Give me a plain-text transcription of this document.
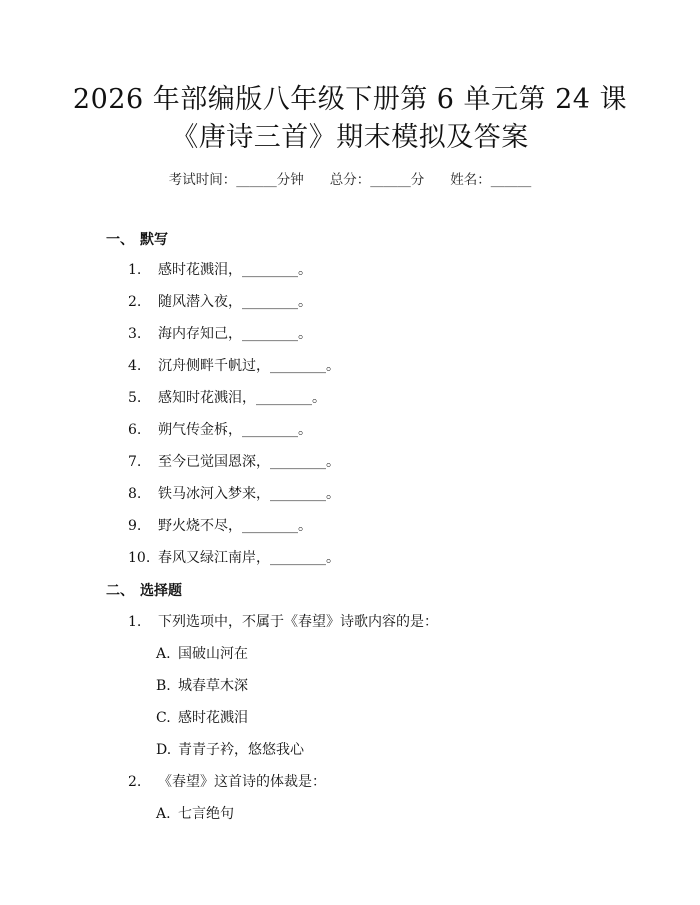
2026 年部编版八年级下册第 6 单元第 24 课
《唐诗三首》期末模拟及答案
考试时间：______分钟 总分：______分 姓名：______
一、 默写
1. 感时花溅泪，________。
2. 随风潜入夜，________。
3. 海内存知己，________。
4. 沉舟侧畔千帆过，________。
5. 感知时花溅泪，________。
6. 朔气传金柝，________。
7. 至今已觉国恩深，________。
8. 铁马冰河入梦来，________。
9. 野火烧不尽，________。
10. 春风又绿江南岸，________。
二、 选择题
1. 下列选项中，不属于《春望》诗歌内容的是：
A. 国破山河在
B. 城春草木深
C. 感时花溅泪
D. 青青子衿，悠悠我心
2. 《春望》这首诗的体裁是：
A. 七言绝句
